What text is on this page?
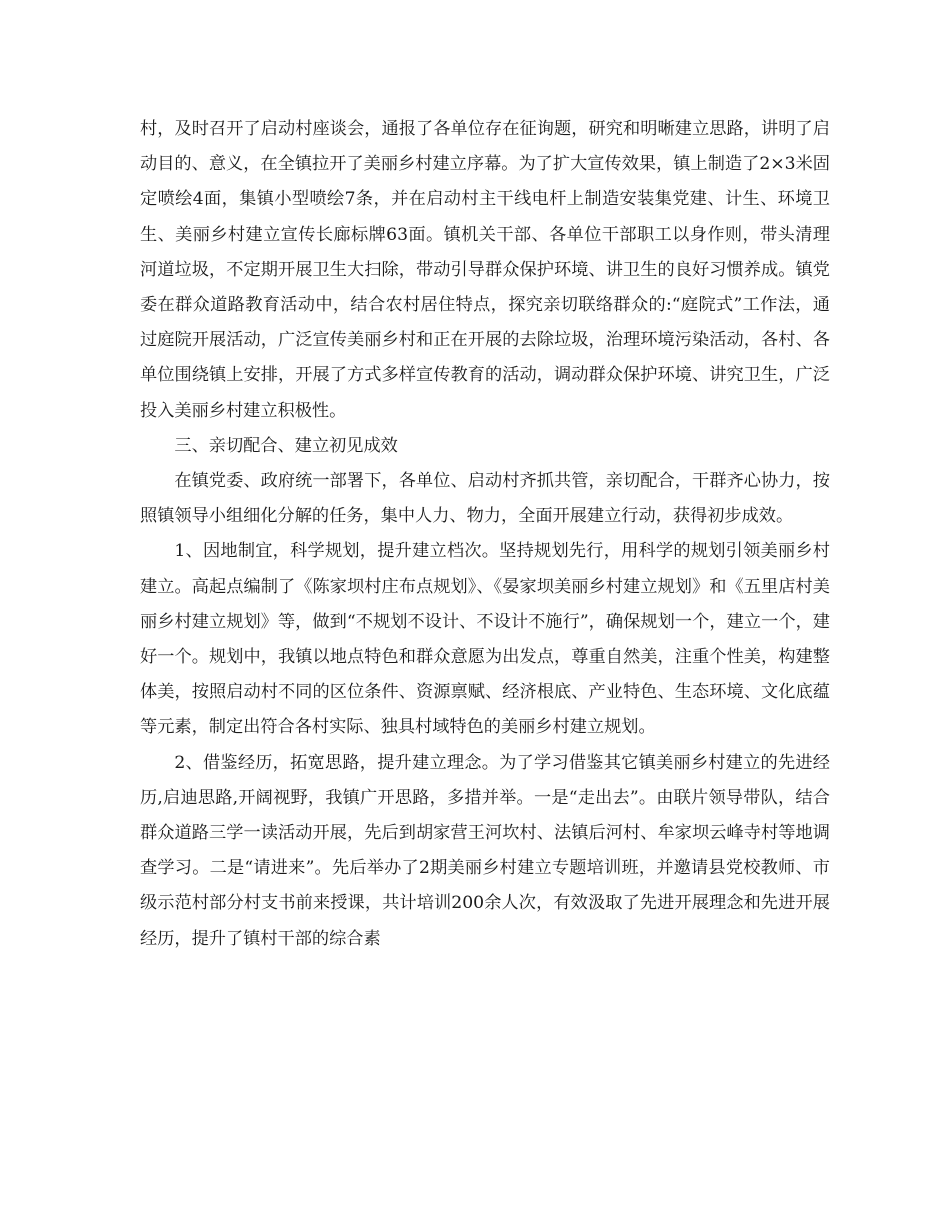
村，及时召开了启动村座谈会，通报了各单位存在征询题，研究和明晰建立思路，讲明了启动目的、意义，在全镇拉开了美丽乡村建立序幕。为了扩大宣传效果，镇上制造了2×3米固定喷绘4面，集镇小型喷绘7条，并在启动村主干线电杆上制造安装集党建、计生、环境卫生、美丽乡村建立宣传长廊标牌63面。镇机关干部、各单位干部职工以身作则，带头清理河道垃圾，不定期开展卫生大扫除，带动引导群众保护环境、讲卫生的良好习惯养成。镇党委在群众道路教育活动中，结合农村居住特点，探究亲切联络群众的:“庭院式”工作法，通过庭院开展活动，广泛宣传美丽乡村和正在开展的去除垃圾，治理环境污染活动，各村、各单位围绕镇上安排，开展了方式多样宣传教育的活动，调动群众保护环境、讲究卫生，广泛投入美丽乡村建立积极性。

三、亲切配合、建立初见成效

在镇党委、政府统一部署下，各单位、启动村齐抓共管，亲切配合，干群齐心协力，按照镇领导小组细化分解的任务，集中人力、物力，全面开展建立行动，获得初步成效。

1、因地制宜，科学规划，提升建立档次。坚持规划先行，用科学的规划引领美丽乡村建立。高起点编制了《陈家坝村庄布点规划》、《晏家坝美丽乡村建立规划》和《五里店村美丽乡村建立规划》等，做到“不规划不设计、不设计不施行”，确保规划一个，建立一个，建好一个。规划中，我镇以地点特色和群众意愿为出发点，尊重自然美，注重个性美，构建整体美，按照启动村不同的区位条件、资源禀赋、经济根底、产业特色、生态环境、文化底蕴等元素，制定出符合各村实际、独具村域特色的美丽乡村建立规划。

2、借鉴经历，拓宽思路，提升建立理念。为了学习借鉴其它镇美丽乡村建立的先进经历,启迪思路,开阔视野，我镇广开思路，多措并举。一是“走出去”。由联片领导带队，结合群众道路三学一读活动开展，先后到胡家营王河坎村、法镇后河村、牟家坝云峰寺村等地调查学习。二是“请进来”。先后举办了2期美丽乡村建立专题培训班，并邀请县党校教师、市级示范村部分村支书前来授课，共计培训200余人次，有效汲取了先进开展理念和先进开展经历，提升了镇村干部的综合素
